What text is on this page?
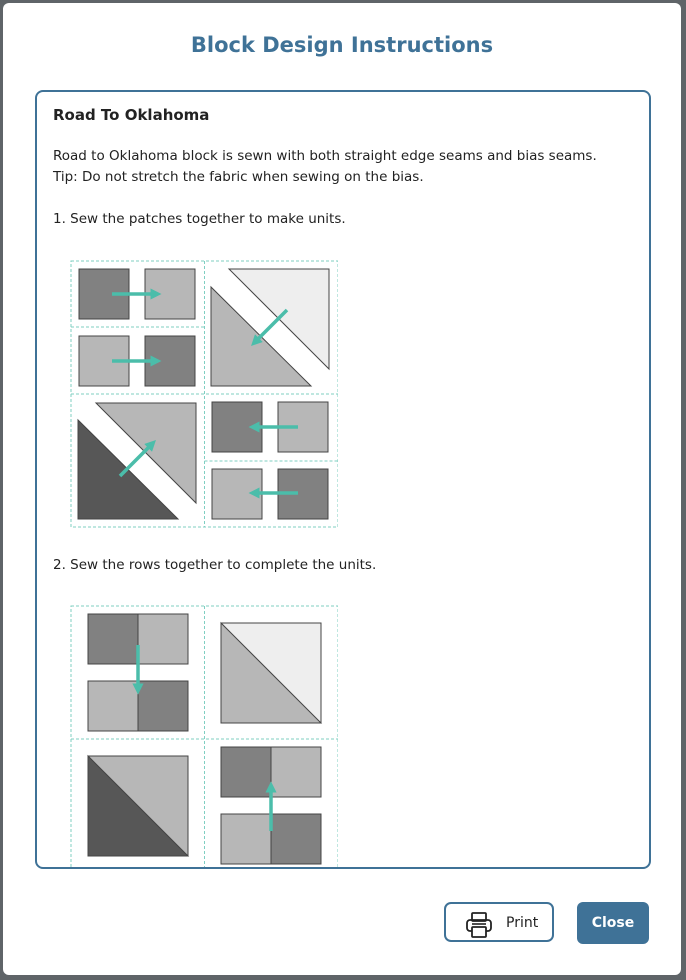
Block Design Instructions
Road To Oklahoma
Road to Oklahoma block is sewn with both straight edge seams and bias seams.
Tip: Do not stretch the fabric when sewing on the bias.
1. Sew the patches together to make units.
2. Sew the rows together to complete the units.
Print	Close
